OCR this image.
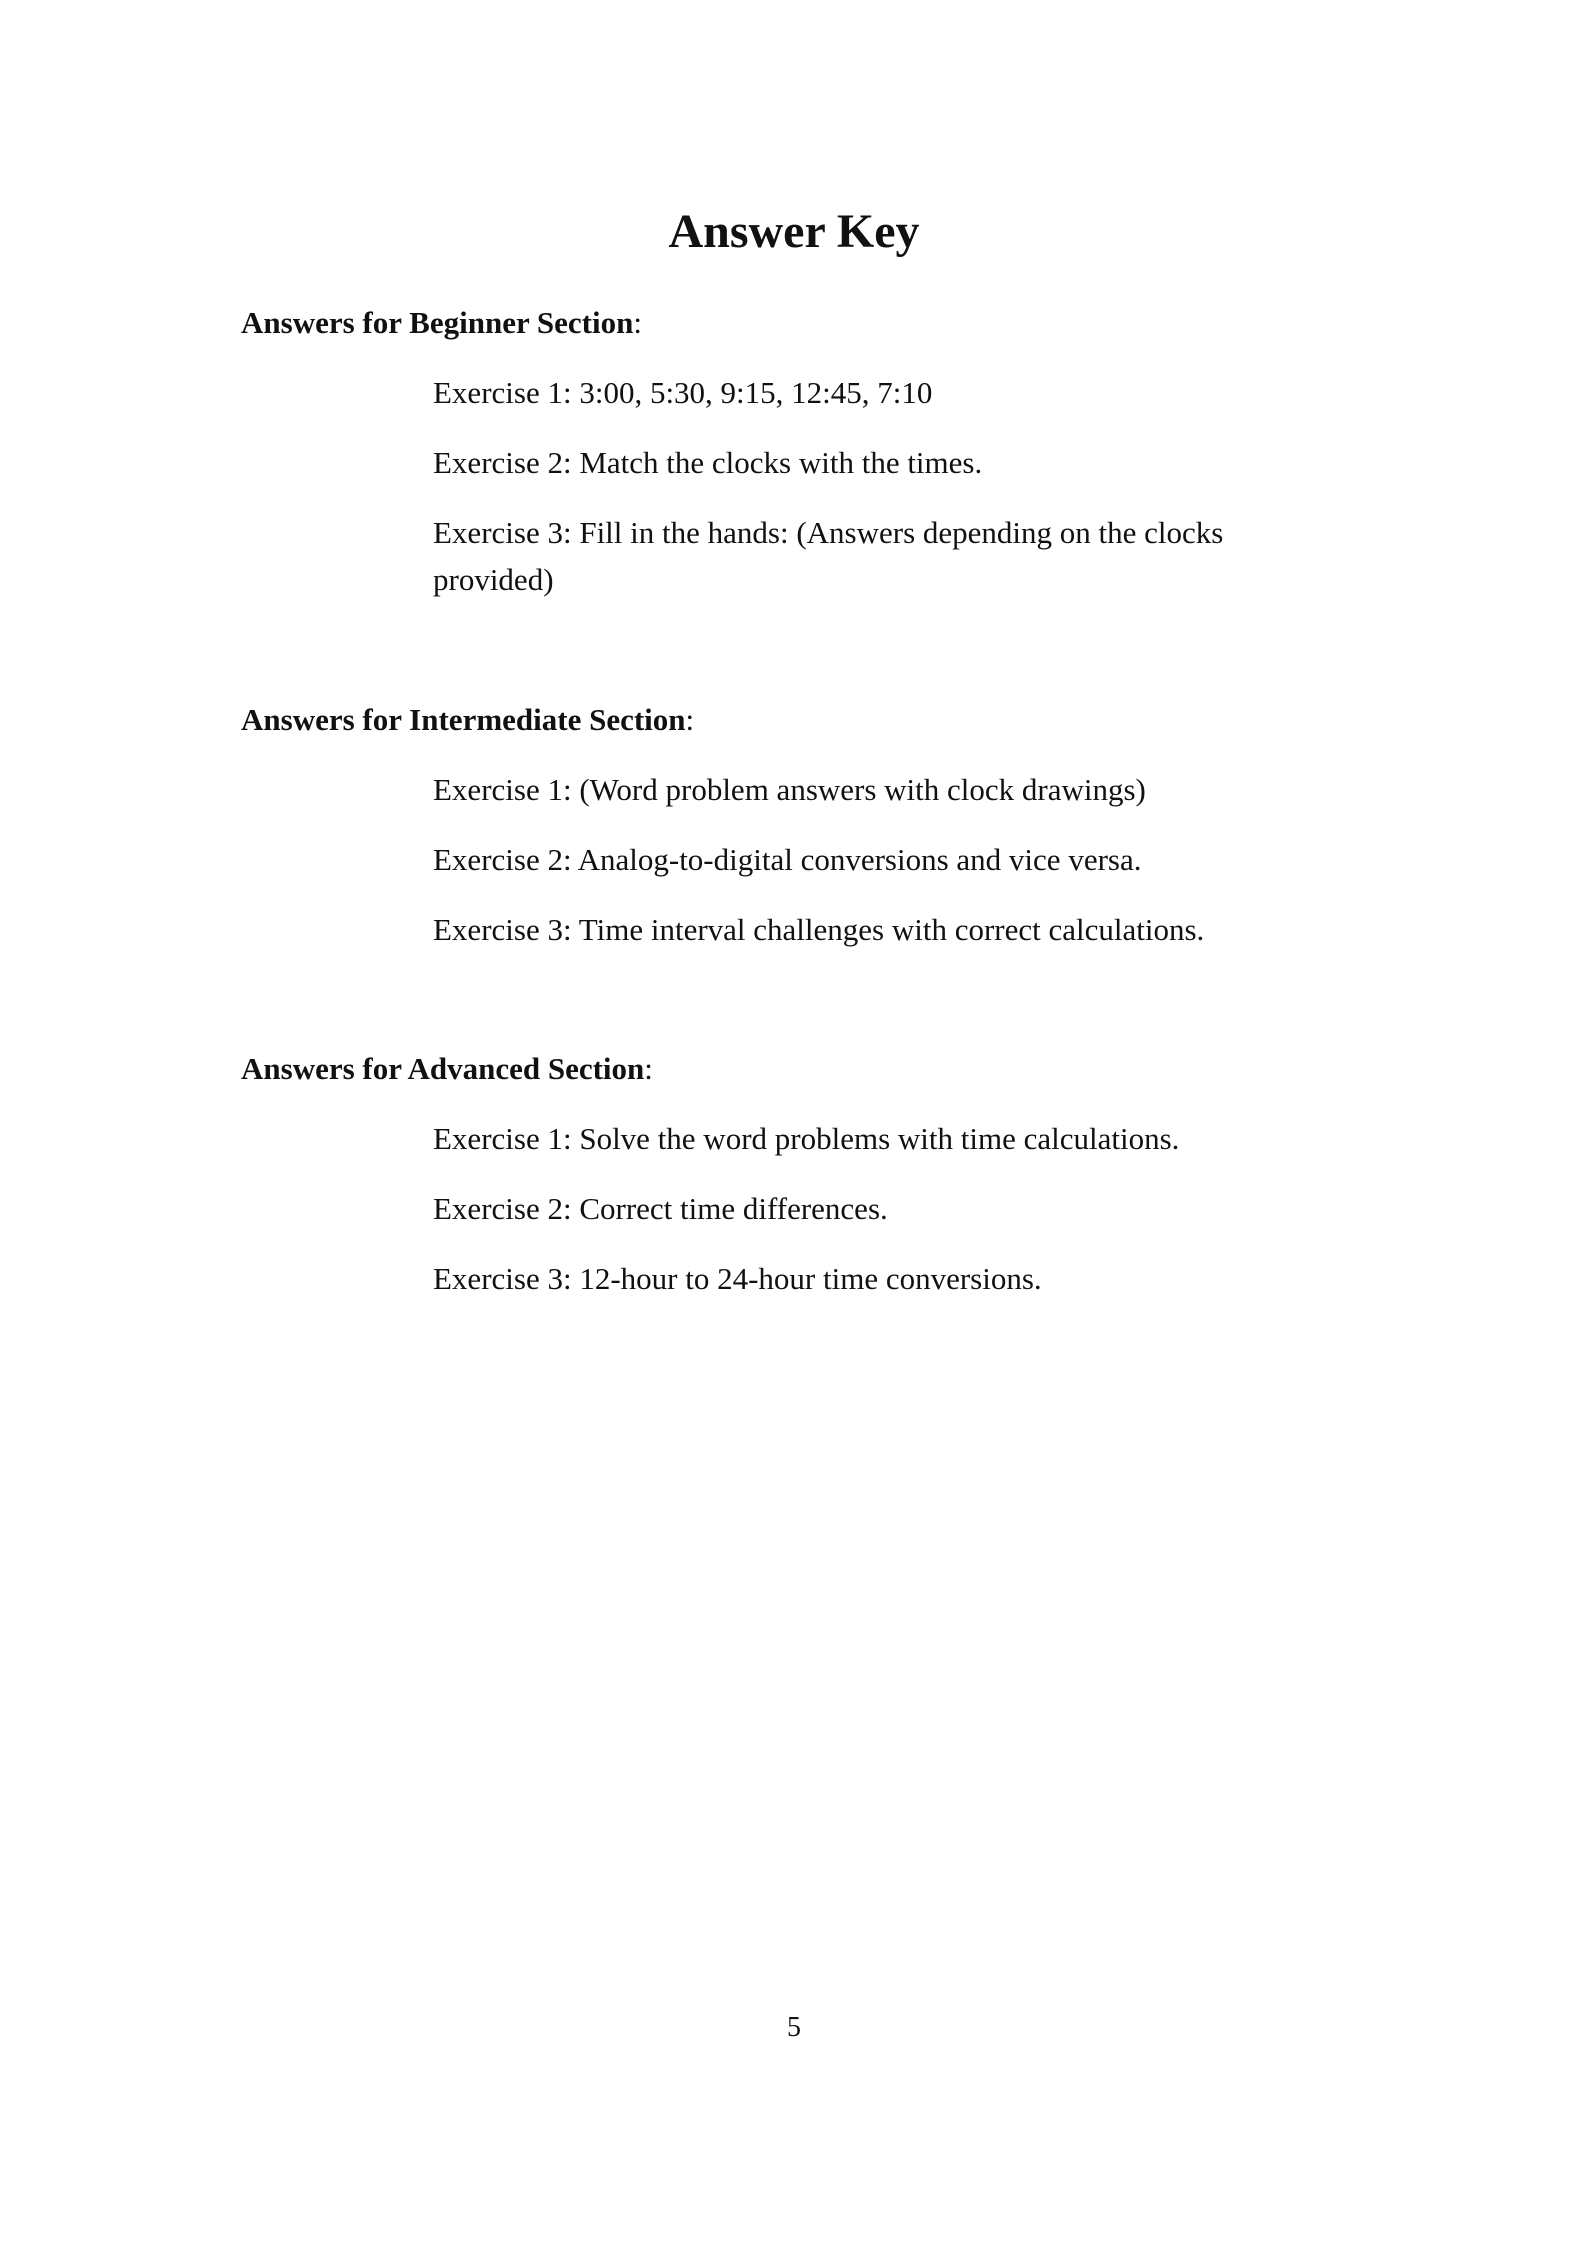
Answer Key
Answers for Beginner Section:

Exercise 1: 3:00, 5:30, 9:15, 12:45, 7:10

Exercise 2: Match the clocks with the times.

Exercise 3: Fill in the hands: (Answers depending on the clocks provided)

Answers for Intermediate Section:

Exercise 1: (Word problem answers with clock drawings)

Exercise 2: Analog-to-digital conversions and vice versa.

Exercise 3: Time interval challenges with correct calculations.

Answers for Advanced Section:

Exercise 1: Solve the word problems with time calculations.

Exercise 2: Correct time differences.

Exercise 3: 12-hour to 24-hour time conversions.

5
